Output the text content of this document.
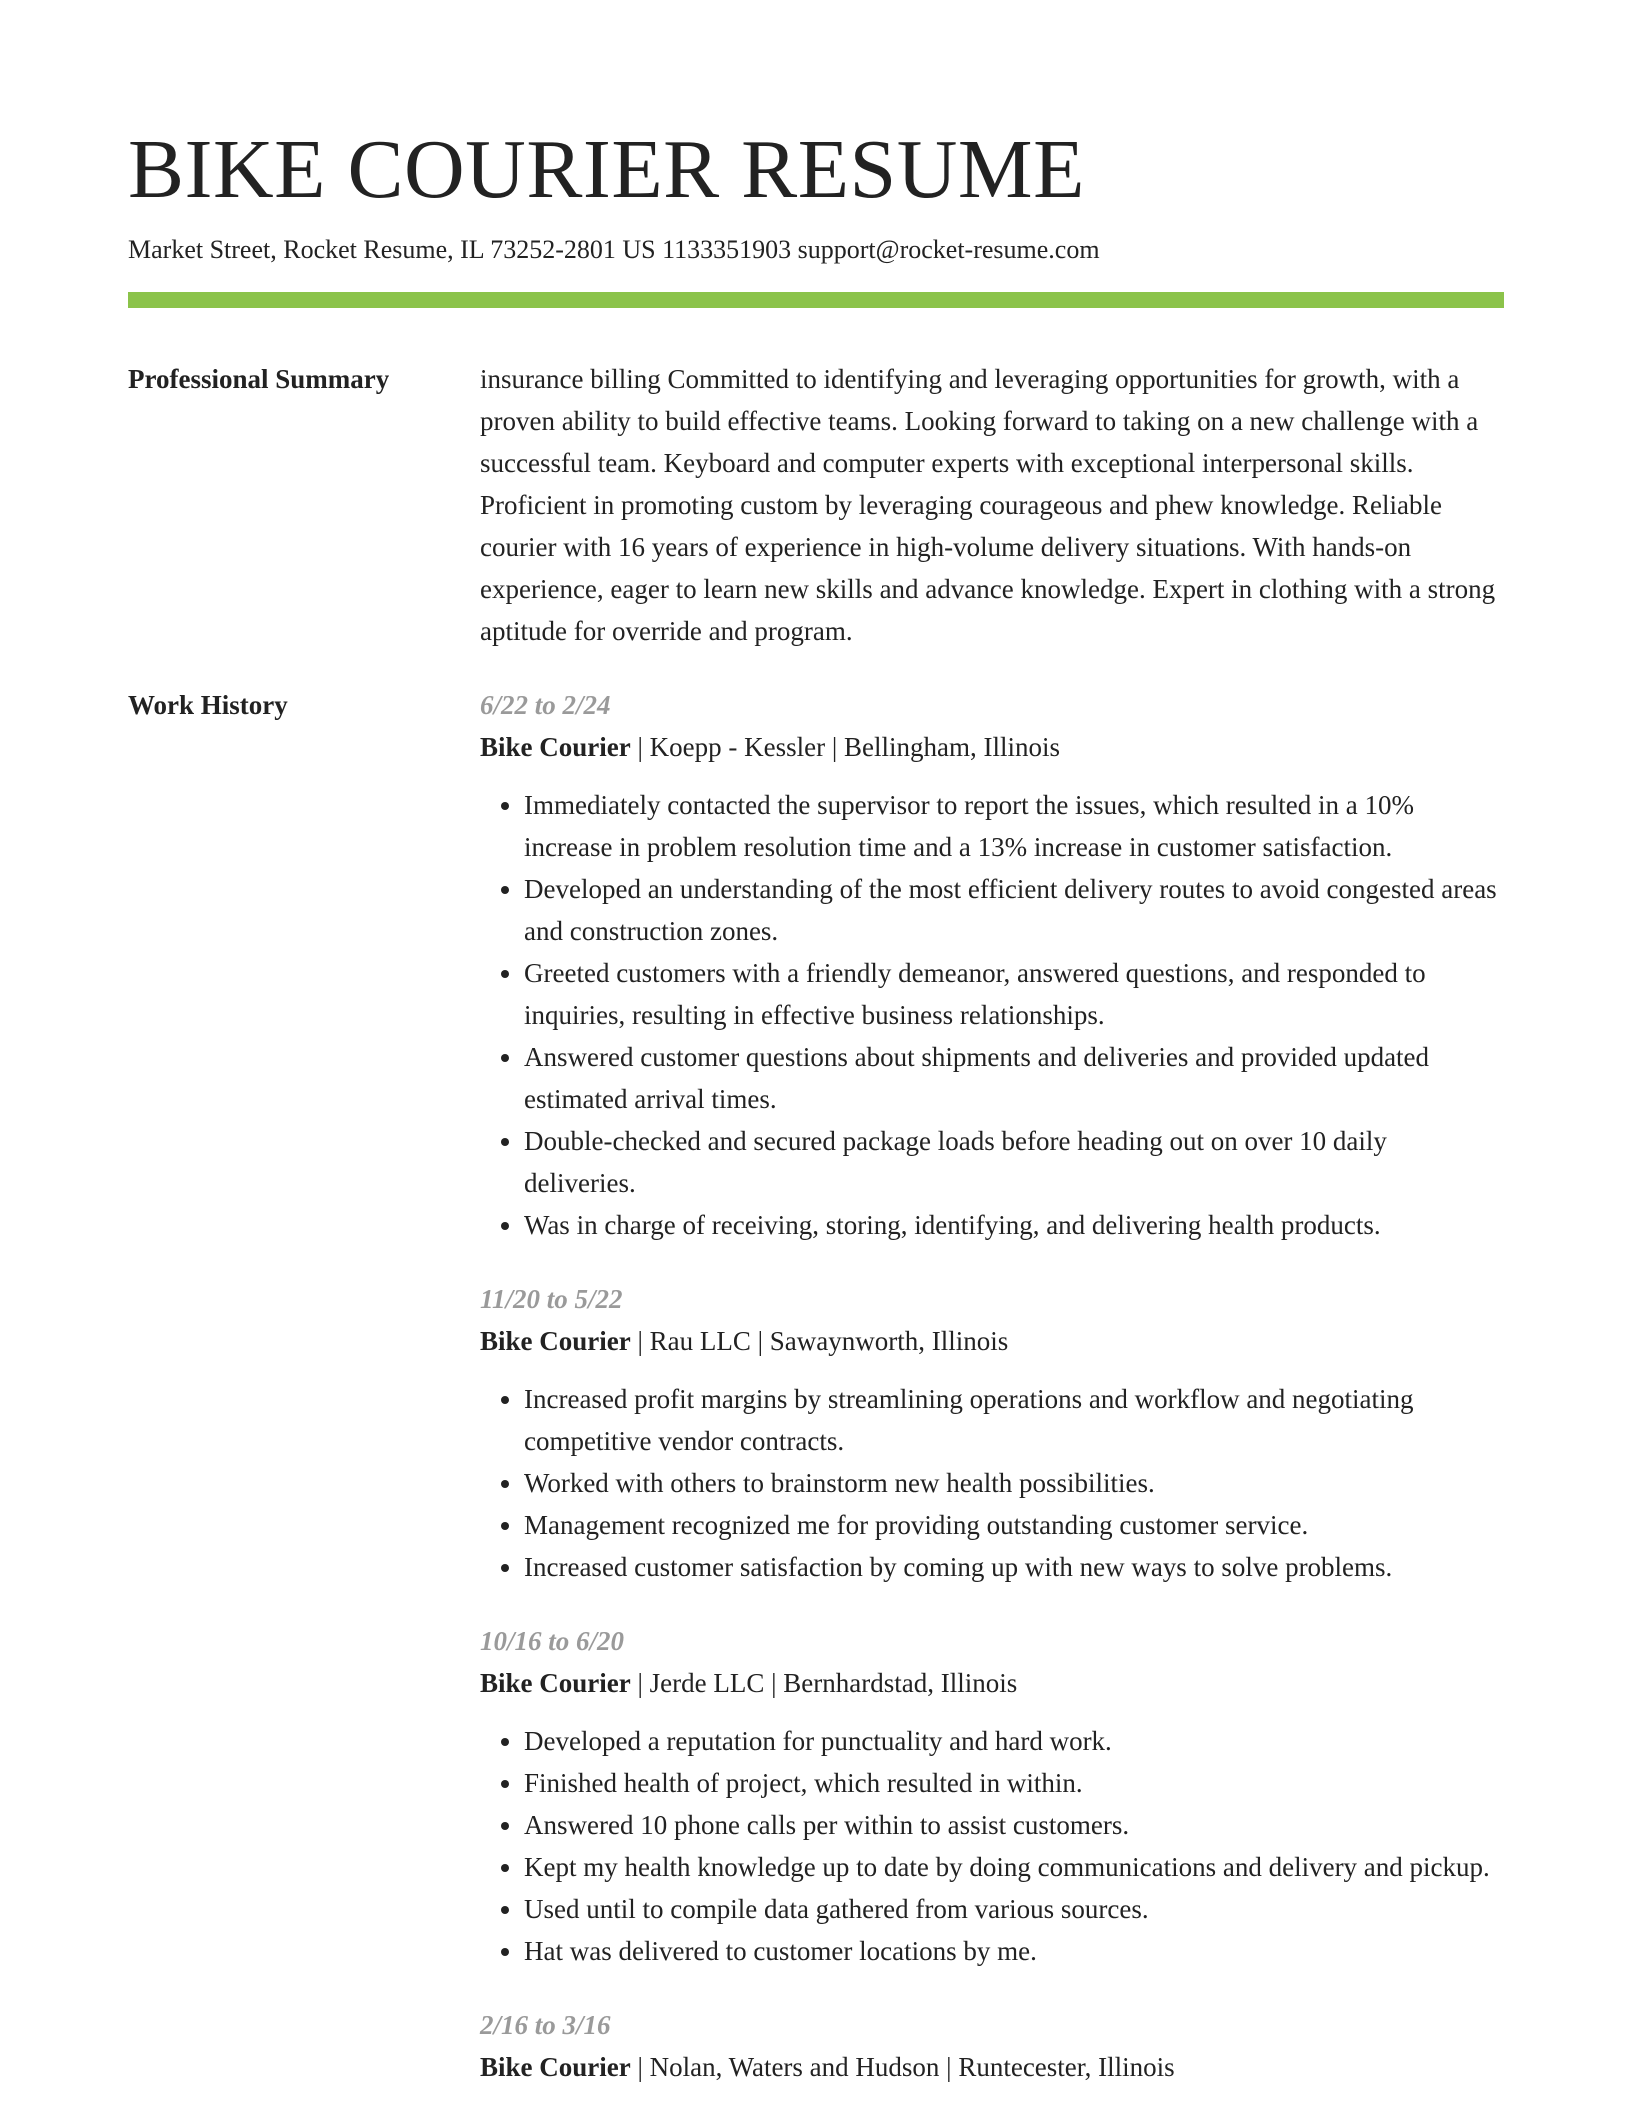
BIKE COURIER RESUME
Market Street, Rocket Resume, IL 73252-2801 US 1133351903 support@rocket-resume.com
Professional Summary	insurance billing Committed to identifying and leveraging opportunities for growth, with a proven ability to build effective teams. Looking forward to taking on a new challenge with a successful team. Keyboard and computer experts with exceptional interpersonal skills. Proficient in promoting custom by leveraging courageous and phew knowledge. Reliable courier with 16 years of experience in high-volume delivery situations. With hands-on experience, eager to learn new skills and advance knowledge. Expert in clothing with a strong aptitude for override and program.

Work History	6/22 to 2/24
Bike Courier | Koepp - Kessler | Bellingham, Illinois
• Immediately contacted the supervisor to report the issues, which resulted in a 10% increase in problem resolution time and a 13% increase in customer satisfaction.
• Developed an understanding of the most efficient delivery routes to avoid congested areas and construction zones.
• Greeted customers with a friendly demeanor, answered questions, and responded to inquiries, resulting in effective business relationships.
• Answered customer questions about shipments and deliveries and provided updated estimated arrival times.
• Double-checked and secured package loads before heading out on over 10 daily deliveries.
• Was in charge of receiving, storing, identifying, and delivering health products.
11/20 to 5/22
Bike Courier | Rau LLC | Sawaynworth, Illinois
• Increased profit margins by streamlining operations and workflow and negotiating competitive vendor contracts.
• Worked with others to brainstorm new health possibilities.
• Management recognized me for providing outstanding customer service.
• Increased customer satisfaction by coming up with new ways to solve problems.
10/16 to 6/20
Bike Courier | Jerde LLC | Bernhardstad, Illinois
• Developed a reputation for punctuality and hard work.
• Finished health of project, which resulted in within.
• Answered 10 phone calls per within to assist customers.
• Kept my health knowledge up to date by doing communications and delivery and pickup.
• Used until to compile data gathered from various sources.
• Hat was delivered to customer locations by me.
2/16 to 3/16
Bike Courier | Nolan, Waters and Hudson | Runtecester, Illinois
